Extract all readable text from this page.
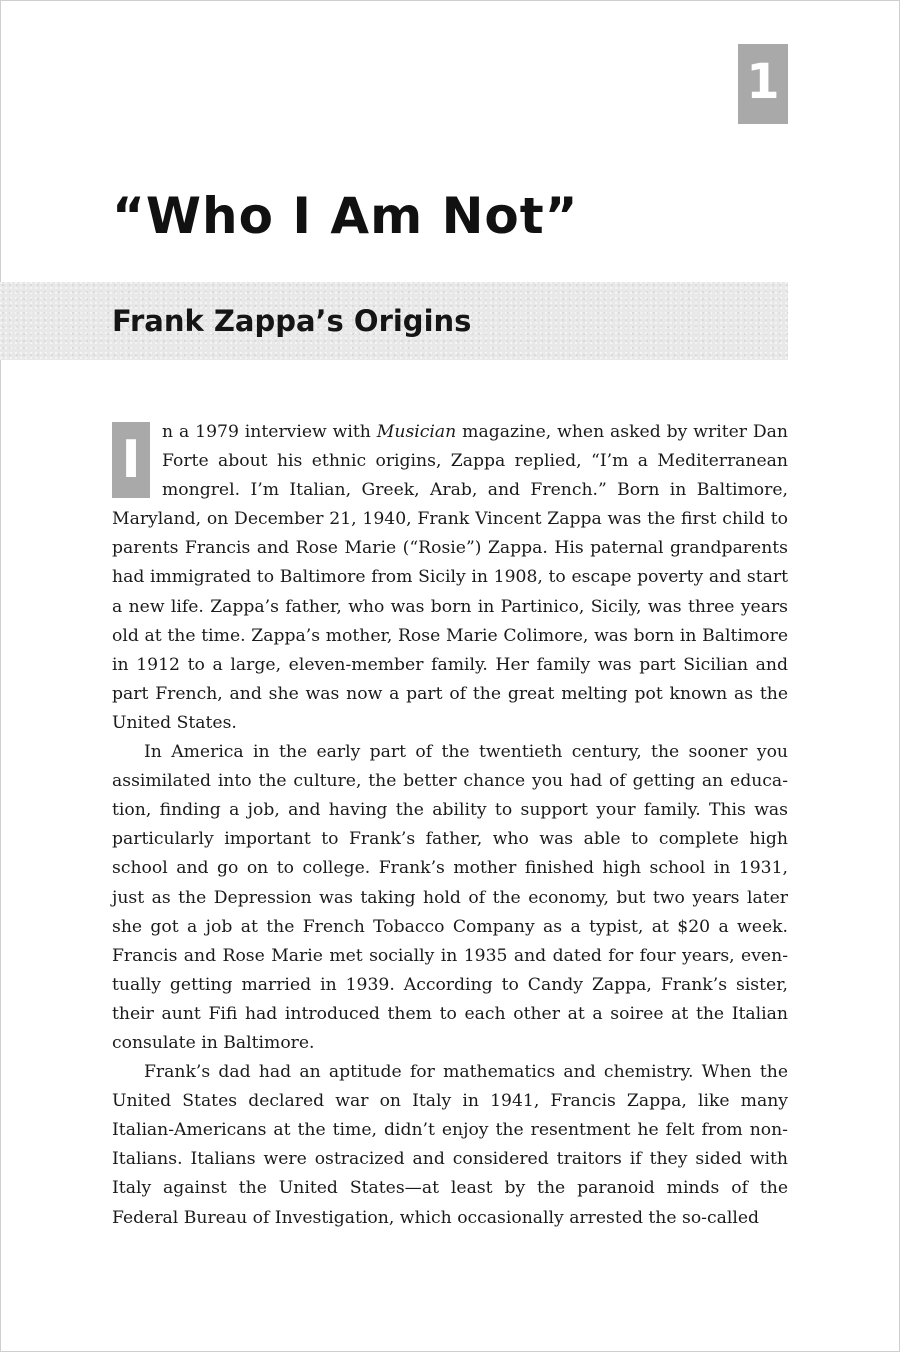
1
“Who I Am Not”
Frank Zappa’s Origins

I	n a 1979 interview with Musician magazine, when asked by writer Dan Forte about his ethnic origins, Zappa replied, “I’m a Mediterranean mongrel. I’m Italian, Greek, Arab, and French.” Born in Baltimore, Maryland, on December 21, 1940, Frank Vincent Zappa was the first child to parents Francis and Rose Marie (“Rosie”) Zappa. His paternal grandparents had immigrated to Baltimore from Sicily in 1908, to escape poverty and start a new life. Zappa’s father, who was born in Partinico, Sicily, was three years old at the time. Zappa’s mother, Rose Marie Colimore, was born in Baltimore in 1912 to a large, eleven-member family. Her family was part Sicilian and part French, and she was now a part of the great melting pot known as the United States.

In America in the early part of the twentieth century, the sooner you assimilated into the culture, the better chance you had of getting an education, finding a job, and having the ability to support your family. This was particularly important to Frank’s father, who was able to complete high school and go on to college. Frank’s mother finished high school in 1931, just as the Depression was taking hold of the economy, but two years later she got a job at the French Tobacco Company as a typist, at $20 a week. Francis and Rose Marie met socially in 1935 and dated for four years, eventually getting married in 1939. According to Candy Zappa, Frank’s sister, their aunt Fifi had introduced them to each other at a soiree at the Italian consulate in Baltimore.

Frank’s dad had an aptitude for mathematics and chemistry. When the United States declared war on Italy in 1941, Francis Zappa, like many Italian-Americans at the time, didn’t enjoy the resentment he felt from non-Italians. Italians were ostracized and considered traitors if they sided with Italy against the United States—at least by the paranoid minds of the Federal Bureau of Investigation, which occasionally arrested the so-called
